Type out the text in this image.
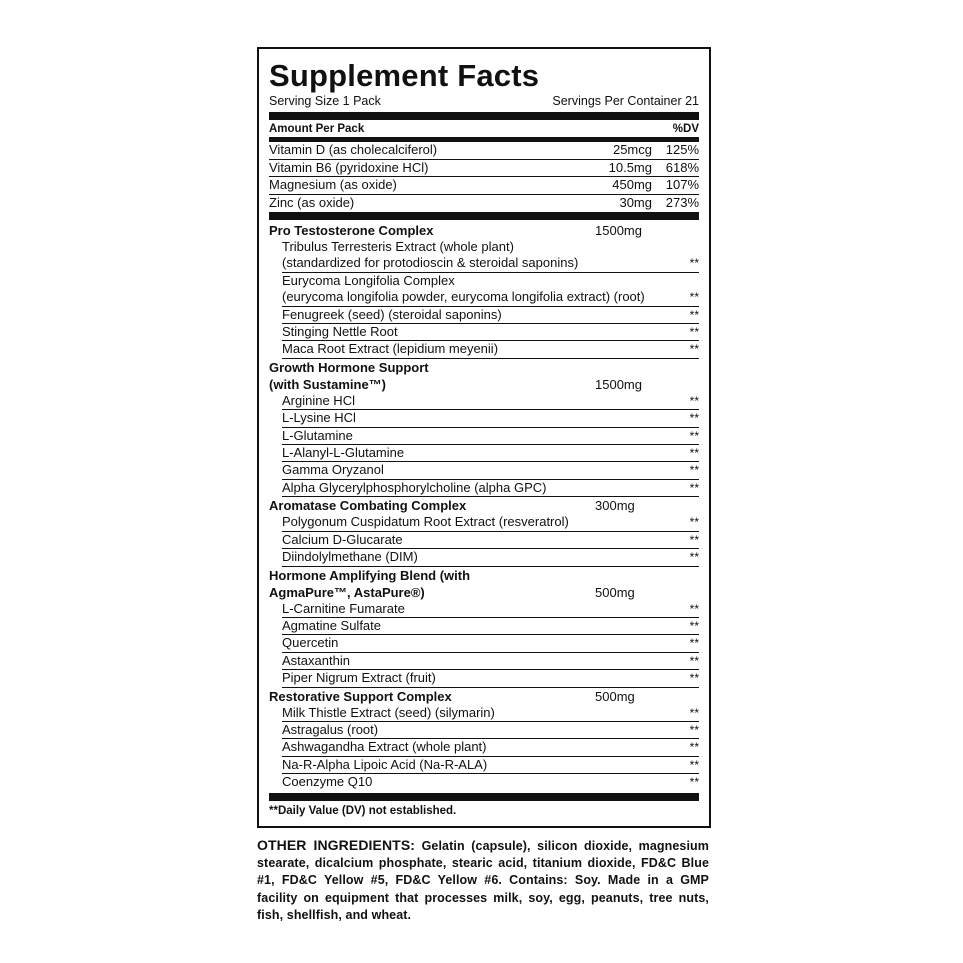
Supplement Facts
Serving Size 1 Pack	Servings Per Container 21
Amount Per Pack	%DV
Vitamin D (as cholecalciferol)	25mcg	125%
Vitamin B6 (pyridoxine HCl)	10.5mg	618%
Magnesium (as oxide)	450mg	107%
Zinc (as oxide)	30mg	273%
Pro Testosterone Complex	1500mg
Tribulus Terresteris Extract (whole plant)
(standardized for protodioscin & steroidal saponins)	**
Eurycoma Longifolia Complex
(eurycoma longifolia powder, eurycoma longifolia extract) (root)	**
Fenugreek (seed) (steroidal saponins)	**
Stinging Nettle Root	**
Maca Root Extract (lepidium meyenii)	**
Growth Hormone Support
(with Sustamine™)	1500mg
Arginine HCl	**
L-Lysine HCl	**
L-Glutamine	**
L-Alanyl-L-Glutamine	**
Gamma Oryzanol	**
Alpha Glycerylphosphorylcholine (alpha GPC)	**
Aromatase Combating Complex	300mg
Polygonum Cuspidatum Root Extract (resveratrol)	**
Calcium D-Glucarate	**
Diindolylmethane (DIM)	**
Hormone Amplifying Blend (with
AgmaPure™, AstaPure®)	500mg
L-Carnitine Fumarate	**
Agmatine Sulfate	**
Quercetin	**
Astaxanthin	**
Piper Nigrum Extract (fruit)	**
Restorative Support Complex	500mg
Milk Thistle Extract (seed) (silymarin)	**
Astragalus (root)	**
Ashwagandha Extract (whole plant)	**
Na-R-Alpha Lipoic Acid (Na-R-ALA)	**
Coenzyme Q10	**
**Daily Value (DV) not established.
OTHER INGREDIENTS: Gelatin (capsule), silicon dioxide, magnesium stearate, dicalcium phosphate, stearic acid, titanium dioxide, FD&C Blue #1, FD&C Yellow #5, FD&C Yellow #6. Contains: Soy. Made in a GMP facility on equipment that processes milk, soy, egg, peanuts, tree nuts, fish, shellfish, and wheat.
